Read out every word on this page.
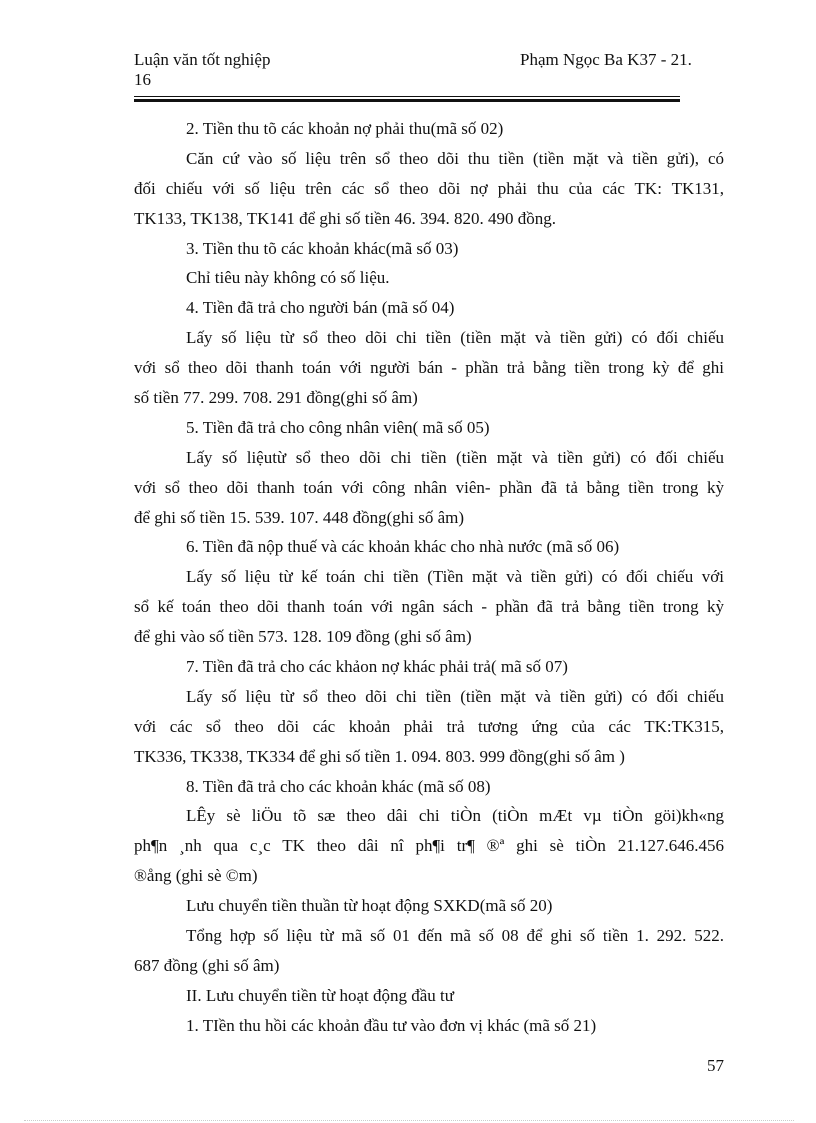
Luận văn tốt nghiệp
16
Phạm Ngọc Ba K37 - 21.
2. Tiền thu tõ các khoản nợ phải thu(mã số 02)
Căn cứ vào số liệu trên sổ theo dõi thu tiền (tiền mặt và tiền gửi), có
đối chiếu với số liệu trên các sổ theo dõi nợ phải thu của các TK: TK131,
TK133, TK138, TK141 để ghi số tiền 46. 394. 820. 490 đồng.
3. Tiền thu tõ các khoản khác(mã số 03)
Chỉ tiêu này không có số liệu.
4. Tiền đã trả cho người bán (mã số 04)
Lấy số liệu từ sổ theo dõi chi tiền (tiền mặt và tiền gửi) có đối chiếu
với sổ theo dõi thanh toán với người bán - phần trả bằng tiền trong kỳ để ghi
số tiền 77. 299. 708. 291 đồng(ghi số âm)
5. Tiền đã trả cho công nhân viên( mã số 05)
Lấy số liệutừ sổ theo dõi chi tiền (tiền mặt và tiền gửi) có đối chiếu
với sổ theo dõi thanh toán với công nhân viên- phần đã tả bằng tiền trong kỳ
để ghi số tiền 15. 539. 107. 448 đồng(ghi số âm)
6. Tiền đã nộp thuế và các khoản khác cho nhà nước (mã số 06)
Lấy số liệu từ kế toán chi tiền (Tiền mặt và tiền gửi) có đối chiếu với
sổ kế toán theo dõi thanh toán với ngân sách - phần đã trả bằng tiền trong kỳ
để ghi vào số tiền 573. 128. 109 đồng (ghi số âm)
7. Tiền đã trả cho các khảon nợ khác phải trả( mã số 07)
Lấy số liệu từ sổ theo dõi chi tiền (tiền mặt và tiền gửi) có đối chiếu
với các sổ theo dõi các khoản phải trả tương ứng của các TK:TK315,
TK336, TK338, TK334 để ghi số tiền 1. 094. 803. 999 đồng(ghi số âm )
8. Tiền đã trả cho các khoản khác (mã số 08)
LÊy sè liÖu tõ sæ theo dâi chi tiÒn (tiÒn mÆt vµ tiÒn göi)kh«ng
ph¶n ¸nh qua c¸c TK theo dâi nî ph¶i tr¶ ®ª ghi sè tiÒn 21.127.646.456
®ång (ghi sè ©m)
Lưu chuyển tiền thuần từ hoạt động SXKD(mã số 20)
Tổng hợp số liệu từ mã số 01 đến mã số 08 để ghi số tiền 1. 292. 522.
687 đồng (ghi số âm)
II. Lưu chuyển tiền từ hoạt động đầu tư
1. TIền thu hồi các khoản đầu tư vào đơn vị khác (mã số 21)
57
